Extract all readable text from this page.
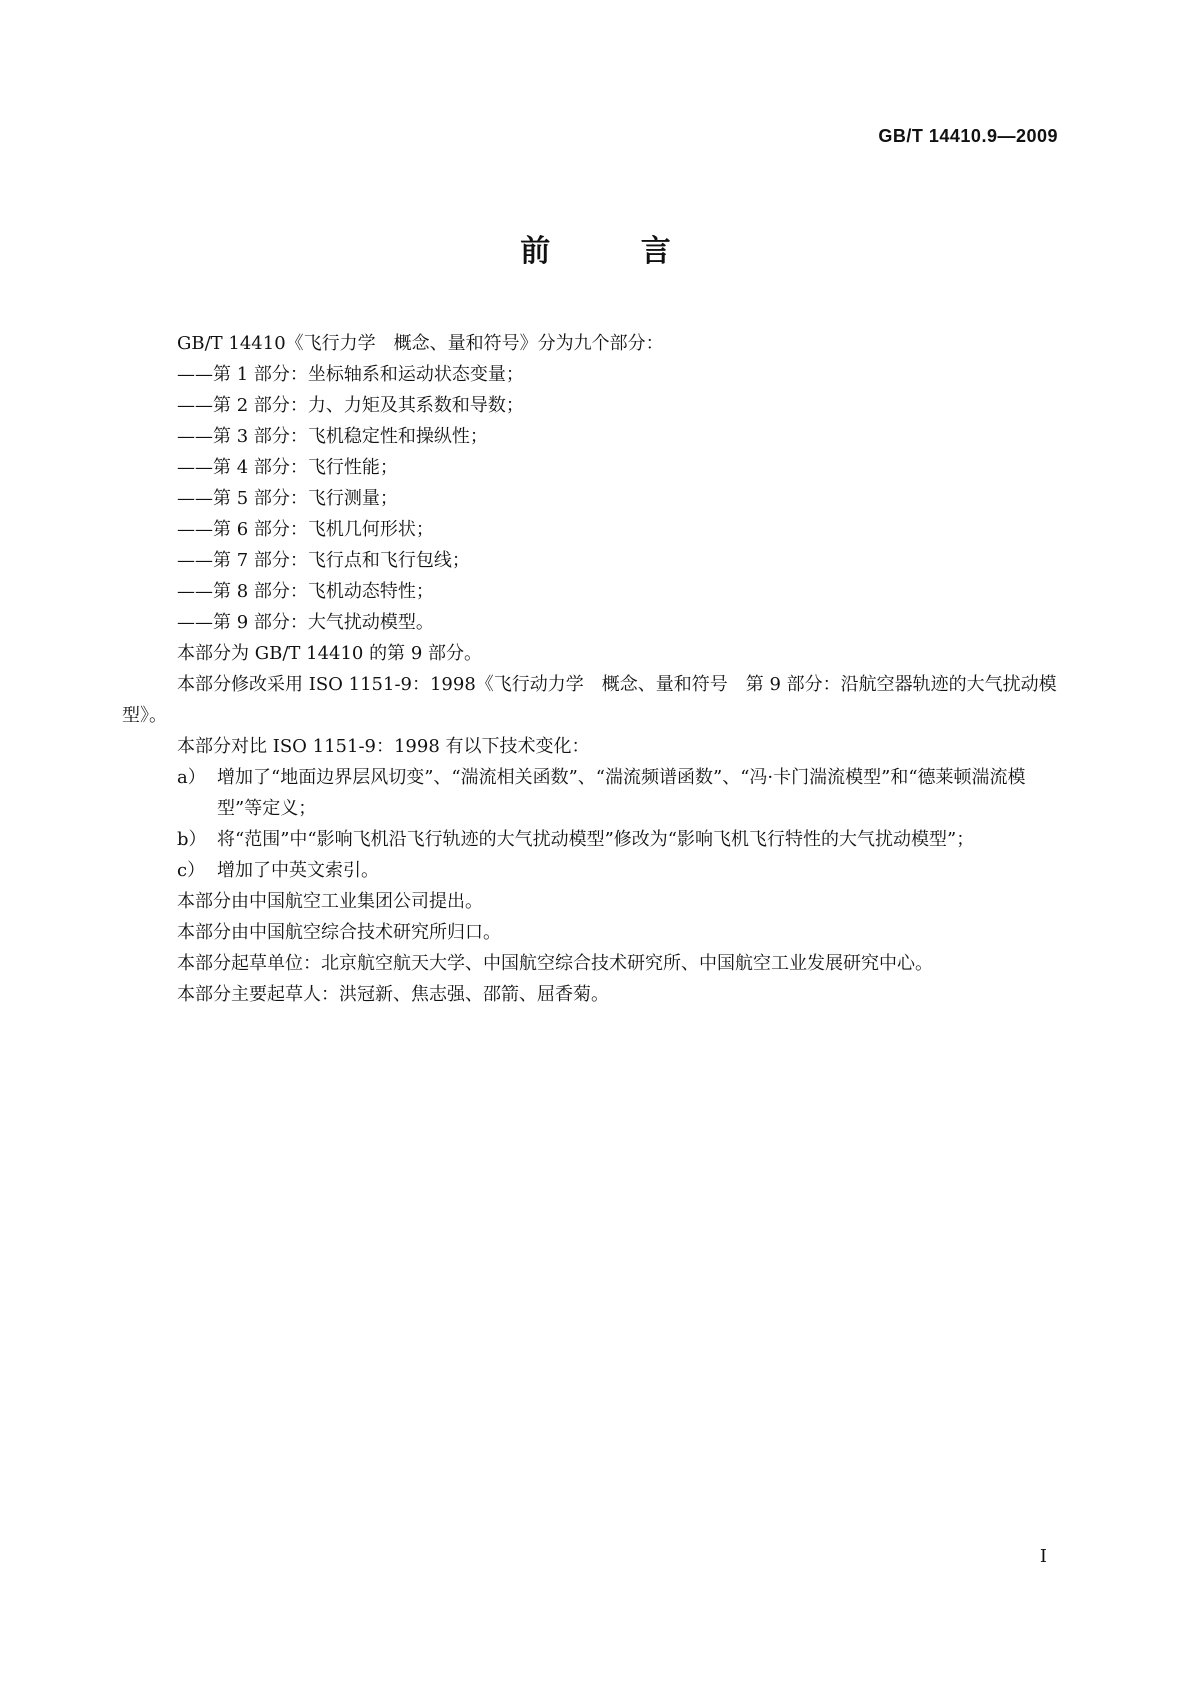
GB/T 14410.9—2009
前 言

GB/T 14410《飞行力学　概念、量和符号》分为九个部分：

——第 1 部分：坐标轴系和运动状态变量；

——第 2 部分：力、力矩及其系数和导数；

——第 3 部分：飞机稳定性和操纵性；

——第 4 部分：飞行性能；

——第 5 部分：飞行测量；

——第 6 部分：飞机几何形状；

——第 7 部分：飞行点和飞行包线；

——第 8 部分：飞机动态特性；

——第 9 部分：大气扰动模型。

本部分为 GB/T 14410 的第 9 部分。

本部分修改采用 ISO 1151-9：1998《飞行动力学　概念、量和符号　第 9 部分：沿航空器轨迹的大气扰动模型》。

本部分对比 ISO 1151-9：1998 有以下技术变化：

a） 增加了“地面边界层风切变”、“湍流相关函数”、“湍流频谱函数”、“冯·卡门湍流模型”和“德莱顿湍流模型”等定义；
b） 将“范围”中“影响飞机沿飞行轨迹的大气扰动模型”修改为“影响飞机飞行特性的大气扰动模型”；
c） 增加了中英文索引。

本部分由中国航空工业集团公司提出。

本部分由中国航空综合技术研究所归口。

本部分起草单位：北京航空航天大学、中国航空综合技术研究所、中国航空工业发展研究中心。

本部分主要起草人：洪冠新、焦志强、邵箭、屈香菊。

I
